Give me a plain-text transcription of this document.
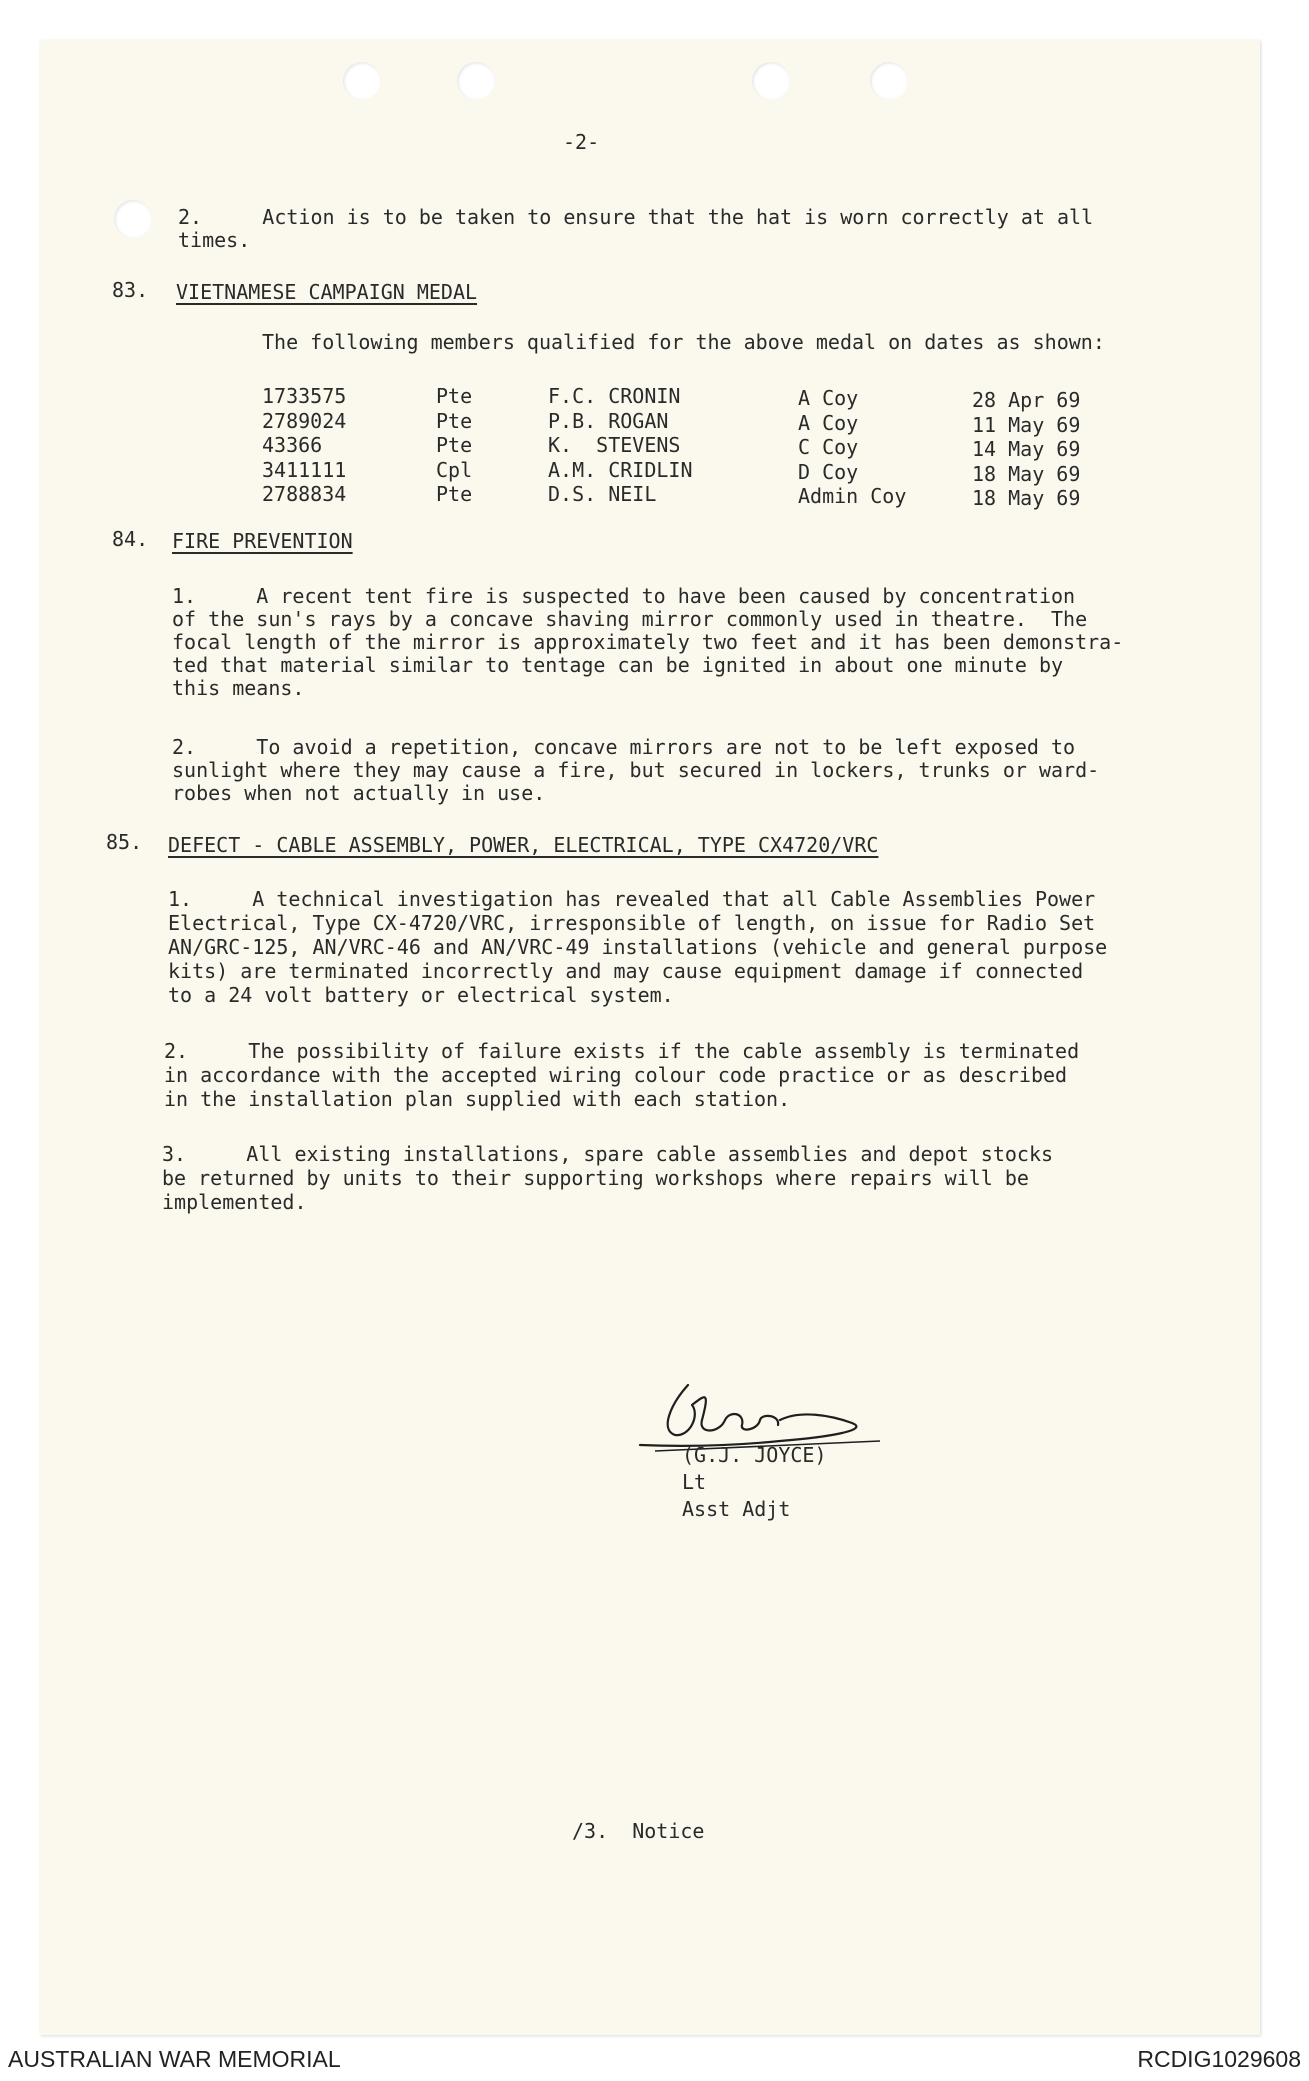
-2-
2.     Action is to be taken to ensure that the hat is worn correctly at all
times.
83. VIETNAMESE CAMPAIGN MEDAL
The following members qualified for the above medal on dates as shown:
1733575	Pte	F.C. CRONIN	A Coy	28 Apr 69
2789024	Pte	P.B. ROGAN	A Coy	11 May 69
43366	Pte	K.  STEVENS	C Coy	14 May 69
3411111	Cpl	A.M. CRIDLIN	D Coy	18 May 69
2788834	Pte	D.S. NEIL	Admin Coy	18 May 69
84. FIRE PREVENTION
1.     A recent tent fire is suspected to have been caused by concentration
of the sun's rays by a concave shaving mirror commonly used in theatre.  The
focal length of the mirror is approximately two feet and it has been demonstra-
ted that material similar to tentage can be ignited in about one minute by
this means.
2.     To avoid a repetition, concave mirrors are not to be left exposed to
sunlight where they may cause a fire, but secured in lockers, trunks or ward-
robes when not actually in use.
85. DEFECT - CABLE ASSEMBLY, POWER, ELECTRICAL, TYPE CX4720/VRC
1.     A technical investigation has revealed that all Cable Assemblies Power
Electrical, Type CX-4720/VRC, irresponsible of length, on issue for Radio Set
AN/GRC-125, AN/VRC-46 and AN/VRC-49 installations (vehicle and general purpose
kits) are terminated incorrectly and may cause equipment damage if connected
to a 24 volt battery or electrical system.
2.     The possibility of failure exists if the cable assembly is terminated
in accordance with the accepted wiring colour code practice or as described
in the installation plan supplied with each station.
3.     All existing installations, spare cable assemblies and depot stocks
be returned by units to their supporting workshops where repairs will be
implemented.
(G.J. JOYCE)
Lt
Asst Adjt
/3.  Notice
AUSTRALIAN WAR MEMORIAL	RCDIG1029608
